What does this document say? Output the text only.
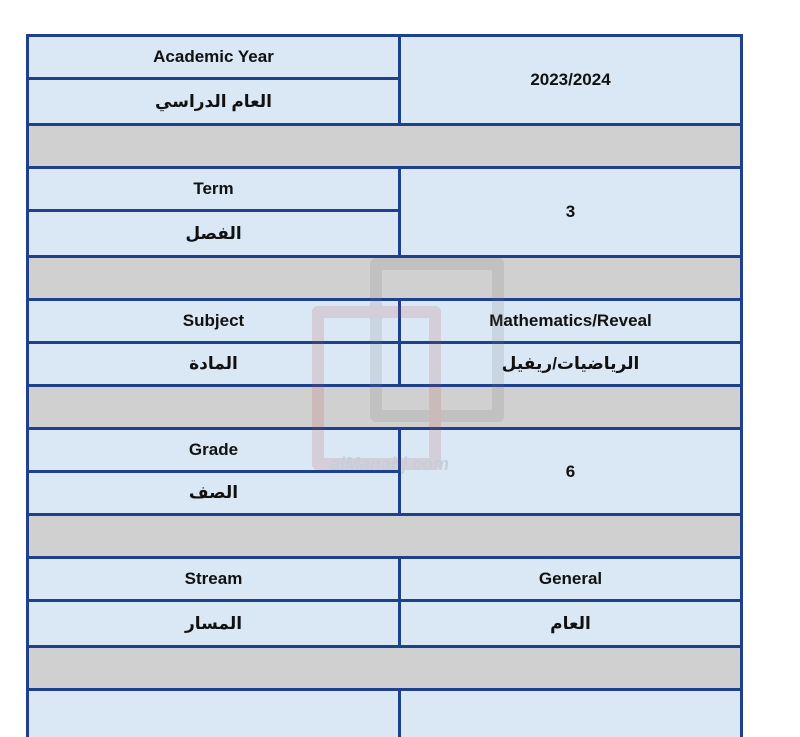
Academic Year	2023/2024
العام الدراسي	

Term	3
الفصل	

Subject	Mathematics/Reveal
المادة	الرياضيات/ريفيل

Grade	6
الصف	

Stream	General
المسار	العام
